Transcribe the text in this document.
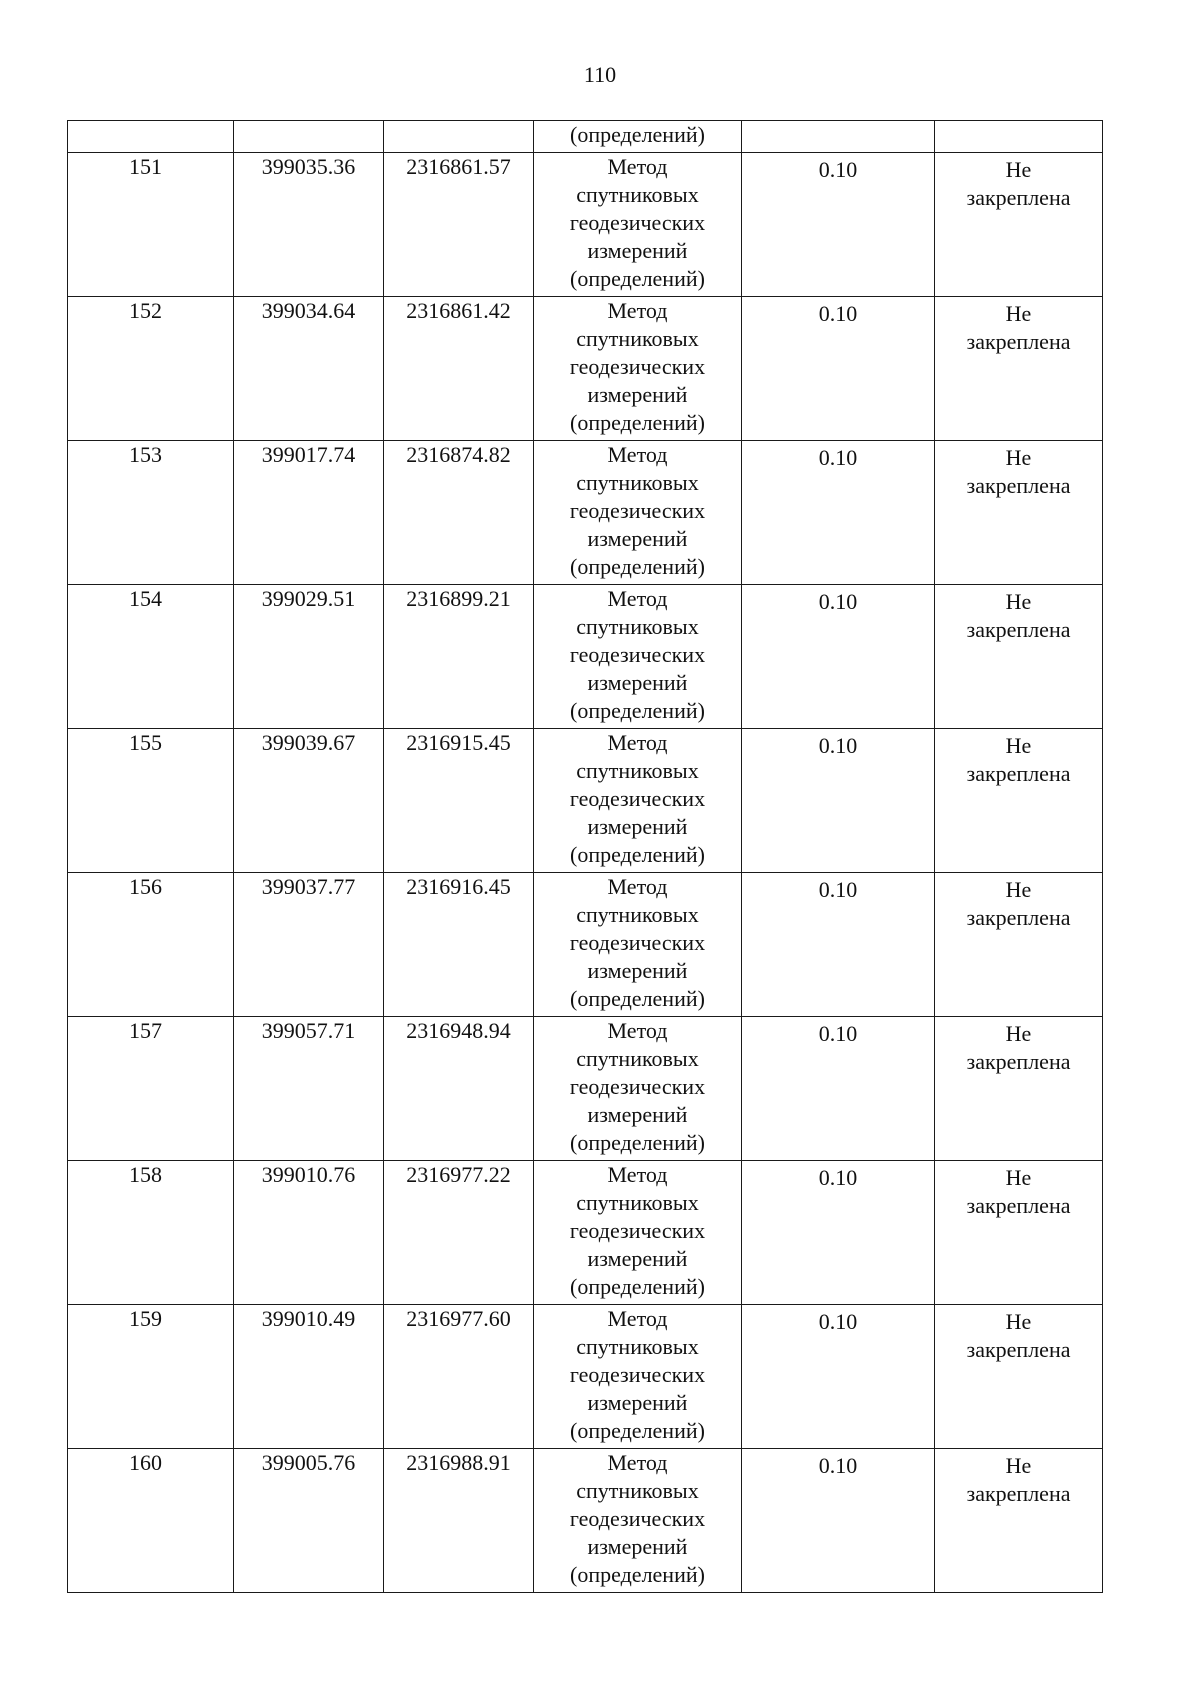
110
			(определений)		
151	399035.36	2316861.57	Метод
спутниковых
геодезических
измерений
(определений)	0.10	Не
закреплена

152	399034.64	2316861.42	Метод
спутниковых
геодезических
измерений
(определений)	0.10	Не
закреплена

153	399017.74	2316874.82	Метод
спутниковых
геодезических
измерений
(определений)	0.10	Не
закреплена

154	399029.51	2316899.21	Метод
спутниковых
геодезических
измерений
(определений)	0.10	Не
закреплена

155	399039.67	2316915.45	Метод
спутниковых
геодезических
измерений
(определений)	0.10	Не
закреплена

156	399037.77	2316916.45	Метод
спутниковых
геодезических
измерений
(определений)	0.10	Не
закреплена

157	399057.71	2316948.94	Метод
спутниковых
геодезических
измерений
(определений)	0.10	Не
закреплена

158	399010.76	2316977.22	Метод
спутниковых
геодезических
измерений
(определений)	0.10	Не
закреплена

159	399010.49	2316977.60	Метод
спутниковых
геодезических
измерений
(определений)	0.10	Не
закреплена

160	399005.76	2316988.91	Метод
спутниковых
геодезических
измерений
(определений)	0.10	Не
закреплена
